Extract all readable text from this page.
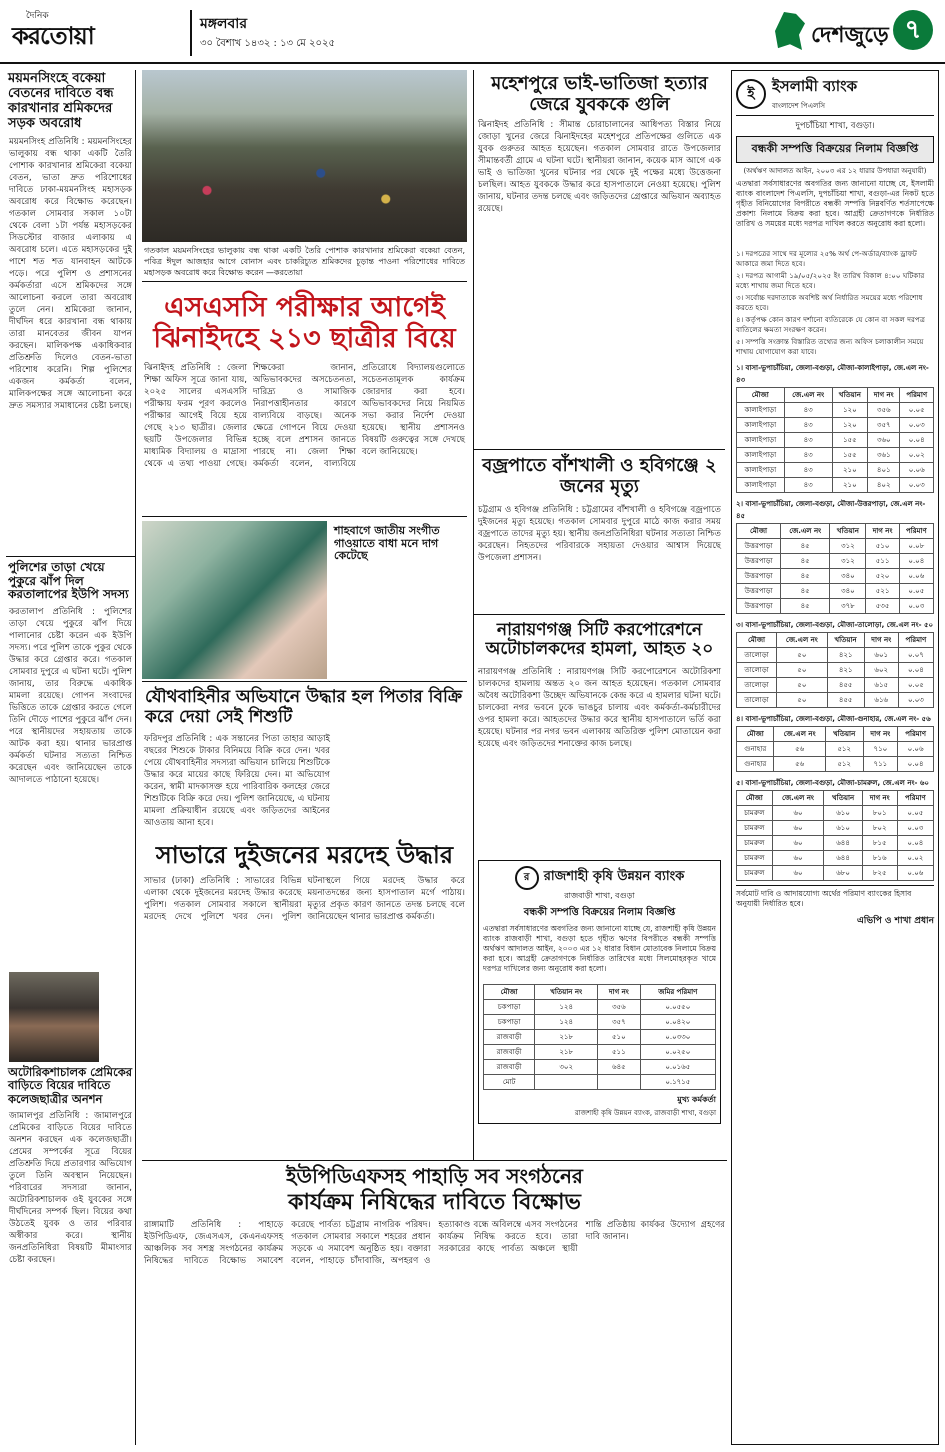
দৈনিক
করতোয়া	মঙ্গলবার
৩০ বৈশাখ ১৪৩২ : ১৩ মে ২০২৫	দেশজুড়ে ৭
ময়মনসিংহে বকেয়া বেতনের দাবিতে বন্ধ কারখানার শ্রমিকদের সড়ক অবরোধ
ময়মনসিংহ প্রতিনিধি : ময়মনসিংহের ভালুকায় বন্ধ থাকা একটি তৈরি পোশাক কারখানার শ্রমিকেরা বকেয়া বেতন, ভাতা দ্রুত পরিশোধের দাবিতে ঢাকা-ময়মনসিংহ মহাসড়ক অবরোধ করে বিক্ষোভ করেছেন। গতকাল সোমবার সকাল ১০টা থেকে বেলা ১টা পর্যন্ত মহাসড়কের সিডস্টোর বাজার এলাকায় এ অবরোধ চলে। এতে মহাসড়কের দুই পাশে শত শত যানবাহন আটকে পড়ে। পরে পুলিশ ও প্রশাসনের কর্মকর্তারা এসে শ্রমিকদের সঙ্গে আলোচনা করলে তারা অবরোধ তুলে নেন। শ্রমিকেরা জানান, দীর্ঘদিন ধরে কারখানা বন্ধ থাকায় তারা মানবেতর জীবন যাপন করছেন। মালিকপক্ষ একাধিকবার প্রতিশ্রুতি দিলেও বেতন-ভাতা পরিশোধ করেনি। শিল্প পুলিশের একজন কর্মকর্তা বলেন, মালিকপক্ষের সঙ্গে আলোচনা করে দ্রুত সমস্যার সমাধানের চেষ্টা চলছে।
পুলিশের তাড়া খেয়ে পুকুরে ঝাঁপ দিল করতালাপের ইউপি সদস্য
করতালাপ প্রতিনিধি : পুলিশের তাড়া খেয়ে পুকুরে ঝাঁপ দিয়ে পালানোর চেষ্টা করেন এক ইউপি সদস্য। পরে পুলিশ তাকে পুকুর থেকে উদ্ধার করে গ্রেপ্তার করে। গতকাল সোমবার দুপুরে এ ঘটনা ঘটে। পুলিশ জানায়, তার বিরুদ্ধে একাধিক মামলা রয়েছে। গোপন সংবাদের ভিত্তিতে তাকে গ্রেপ্তার করতে গেলে তিনি দৌড়ে পাশের পুকুরে ঝাঁপ দেন। পরে স্থানীয়দের সহায়তায় তাকে আটক করা হয়। থানার ভারপ্রাপ্ত কর্মকর্তা ঘটনার সত্যতা নিশ্চিত করেছেন এবং জানিয়েছেন তাকে আদালতে পাঠানো হয়েছে।
অটোরিকশাচালক প্রেমিকের বাড়িতে বিয়ের দাবিতে কলেজছাত্রীর অনশন
জামালপুর প্রতিনিধি : জামালপুরে প্রেমিকের বাড়িতে বিয়ের দাবিতে অনশন করছেন এক কলেজছাত্রী। প্রেমের সম্পর্কের সূত্রে বিয়ের প্রতিশ্রুতি দিয়ে প্রতারণার অভিযোগ তুলে তিনি অবস্থান নিয়েছেন। পরিবারের সদস্যরা জানান, অটোরিকশাচালক ওই যুবকের সঙ্গে দীর্ঘদিনের সম্পর্ক ছিল। বিয়ের কথা উঠতেই যুবক ও তার পরিবার অস্বীকার করে। স্থানীয় জনপ্রতিনিধিরা বিষয়টি মীমাংসার চেষ্টা করছেন।
গতকাল ময়মনসিংহের ভালুকায় বন্ধ থাকা একটি তৈরি পোশাক কারখানার শ্রমিকেরা বকেয়া বেতন, পবিত্র ঈদুল আজহার আগে বোনাস এবং চাকরিচ্যুত শ্রমিকদের চূড়ান্ত পাওনা পরিশোধের দাবিতে মহাসড়ক অবরোধ করে বিক্ষোভ করেন —করতোয়া
এসএসসি পরীক্ষার আগেই ঝিনাইদহে ২১৩ ছাত্রীর বিয়ে
ঝিনাইদহ প্রতিনিধি : জেলা শিক্ষা অফিস সূত্রে জানা যায়, ২০২৫ সালের এসএসসি পরীক্ষায় ফরম পূরণ করলেও পরীক্ষার আগেই বিয়ে হয়ে গেছে ২১৩ ছাত্রীর। জেলার ছয়টি উপজেলার বিভিন্ন মাধ্যমিক বিদ্যালয় ও মাদ্রাসা থেকে এ তথ্য পাওয়া গেছে। শিক্ষকেরা জানান, অভিভাবকদের অসচেতনতা, দারিদ্র্য ও সামাজিক নিরাপত্তাহীনতার কারণে বাল্যবিয়ে বাড়ছে। অনেক ক্ষেত্রে গোপনে বিয়ে দেওয়া হচ্ছে বলে প্রশাসন জানতে পারছে না। জেলা শিক্ষা কর্মকর্তা বলেন, বাল্যবিয়ে প্রতিরোধে বিদ্যালয়গুলোতে সচেতনতামূলক কার্যক্রম জোরদার করা হবে। অভিভাবকদের নিয়ে নিয়মিত সভা করার নির্দেশ দেওয়া হয়েছে। স্থানীয় প্রশাসনও বিষয়টি গুরুত্বের সঙ্গে দেখছে বলে জানিয়েছে।
শাহবাগে জাতীয় সংগীত গাওয়াতে বাধা মনে দাগ কেটেছে
যৌথবাহিনীর অভিযানে উদ্ধার হল পিতার বিক্রি করে দেয়া সেই শিশুটি
ফরিদপুর প্রতিনিধি : এক সন্তানের পিতা তাহার আড়াই বছরের শিশুকে টাকার বিনিময়ে বিক্রি করে দেন। খবর পেয়ে যৌথবাহিনীর সদস্যরা অভিযান চালিয়ে শিশুটিকে উদ্ধার করে মায়ের কাছে ফিরিয়ে দেন। মা অভিযোগ করেন, স্বামী মাদকাসক্ত হয়ে পারিবারিক কলহের জেরে শিশুটিকে বিক্রি করে দেয়। পুলিশ জানিয়েছে, এ ঘটনায় মামলা প্রক্রিয়াধীন রয়েছে এবং জড়িতদের আইনের আওতায় আনা হবে।
সাভারে দুইজনের মরদেহ উদ্ধার
সাভার (ঢাকা) প্রতিনিধি : সাভারের বিভিন্ন এলাকা থেকে দুইজনের মরদেহ উদ্ধার করেছে পুলিশ। গতকাল সোমবার সকালে স্থানীয়রা মরদেহ দেখে পুলিশে খবর দেন। পুলিশ ঘটনাস্থলে গিয়ে মরদেহ উদ্ধার করে ময়নাতদন্তের জন্য হাসপাতাল মর্গে পাঠায়। মৃত্যুর প্রকৃত কারণ জানতে তদন্ত চলছে বলে জানিয়েছেন থানার ভারপ্রাপ্ত কর্মকর্তা।
মহেশপুরে ভাই-ভাতিজা হত্যার জেরে যুবককে গুলি
ঝিনাইদহ প্রতিনিধি : সীমান্ত চোরাচালানের আধিপত্য বিস্তার নিয়ে জোড়া খুনের জেরে ঝিনাইদহের মহেশপুরে প্রতিপক্ষের গুলিতে এক যুবক গুরুতর আহত হয়েছেন। গতকাল সোমবার রাতে উপজেলার সীমান্তবর্তী গ্রামে এ ঘটনা ঘটে। স্থানীয়রা জানান, কয়েক মাস আগে এক ভাই ও ভাতিজা খুনের ঘটনার পর থেকে দুই পক্ষের মধ্যে উত্তেজনা চলছিল। আহত যুবককে উদ্ধার করে হাসপাতালে নেওয়া হয়েছে। পুলিশ জানায়, ঘটনার তদন্ত চলছে এবং জড়িতদের গ্রেপ্তারে অভিযান অব্যাহত রয়েছে।
বজ্রপাতে বাঁশখালী ও হবিগঞ্জে ২ জনের মৃত্যু
চট্টগ্রাম ও হবিগঞ্জ প্রতিনিধি : চট্টগ্রামের বাঁশখালী ও হবিগঞ্জে বজ্রপাতে দুইজনের মৃত্যু হয়েছে। গতকাল সোমবার দুপুরে মাঠে কাজ করার সময় বজ্রপাতে তাদের মৃত্যু হয়। স্থানীয় জনপ্রতিনিধিরা ঘটনার সত্যতা নিশ্চিত করেছেন। নিহতদের পরিবারকে সহায়তা দেওয়ার আশ্বাস দিয়েছে উপজেলা প্রশাসন।
নারায়ণগঞ্জ সিটি করপোরেশনে অটোচালকদের হামলা, আহত ২০
নারায়ণগঞ্জ প্রতিনিধি : নারায়ণগঞ্জ সিটি করপোরেশনে অটোরিকশা চালকদের হামলায় অন্তত ২০ জন আহত হয়েছেন। গতকাল সোমবার অবৈধ অটোরিকশা উচ্ছেদ অভিযানকে কেন্দ্র করে এ হামলার ঘটনা ঘটে। চালকেরা নগর ভবনে ঢুকে ভাঙচুর চালায় এবং কর্মকর্তা-কর্মচারীদের ওপর হামলা করে। আহতদের উদ্ধার করে স্থানীয় হাসপাতালে ভর্তি করা হয়েছে। ঘটনার পর নগর ভবন এলাকায় অতিরিক্ত পুলিশ মোতায়েন করা হয়েছে এবং জড়িতদের শনাক্তের কাজ চলছে।
র রাজশাহী কৃষি উন্নয়ন ব্যাংক
রাজবাড়ী শাখা, বগুড়া
বন্ধকী সম্পত্তি বিক্রয়ের নিলাম বিজ্ঞপ্তি
এতদ্বারা সর্বসাধারণের অবগতির জন্য জানানো যাচ্ছে যে, রাজশাহী কৃষি উন্নয়ন ব্যাংক রাজবাড়ী শাখা, বগুড়া হতে গৃহীত ঋণের বিপরীতে বন্ধকী সম্পত্তি অর্থঋণ আদালত আইন, ২০০৩ এর ১২ ধারার বিধান মোতাবেক নিলামে বিক্রয় করা হবে। আগ্রহী ক্রেতাগণকে নির্ধারিত তারিখের মধ্যে সিলমোহরকৃত খামে দরপত্র দাখিলের জন্য অনুরোধ করা হলো।
মৌজা	খতিয়ান নং	দাগ নং	জমির পরিমাণ
চকপাড়া	১২৪	৩৫৬	০.০৫৫০
চকপাড়া	১২৪	৩৫৭	০.০৪২০
রাজবাড়ী	২১৮	৫১০	০.০৩৩০
রাজবাড়ী	২১৮	৫১১	০.০২৫০
রাজবাড়ী	৩০২	৬৪৫	০.০১৬৫
মোট			০.১৭১৫
মুখ্য কর্মকর্তা
রাজশাহী কৃষি উন্নয়ন ব্যাংক, রাজবাড়ী শাখা, বগুড়া
ইউপিডিএফসহ পাহাড়ি সব সংগঠনের
কার্যক্রম নিষিদ্ধের দাবিতে বিক্ষোভ
রাঙ্গামাটি প্রতিনিধি : পাহাড়ে ইউপিডিএফ, জেএসএস, কেএনএফসহ আঞ্চলিক সব সশস্ত্র সংগঠনের কার্যক্রম নিষিদ্ধের দাবিতে বিক্ষোভ সমাবেশ করেছে পার্বত্য চট্টগ্রাম নাগরিক পরিষদ। গতকাল সোমবার সকালে শহরের প্রধান সড়কে এ সমাবেশ অনুষ্ঠিত হয়। বক্তারা বলেন, পাহাড়ে চাঁদাবাজি, অপহরণ ও হত্যাকাণ্ড বন্ধে অবিলম্বে এসব সংগঠনের কার্যক্রম নিষিদ্ধ করতে হবে। তারা সরকারের কাছে পার্বত্য অঞ্চলে স্থায়ী শান্তি প্রতিষ্ঠায় কার্যকর উদ্যোগ গ্রহণের দাবি জানান।
ই	ইসলামী ব্যাংক
বাংলাদেশ পিএলসি
দুপচাঁচিয়া শাখা, বগুড়া।
বন্ধকী সম্পত্তি বিক্রয়ের নিলাম বিজ্ঞপ্তি
(অর্থঋণ আদালত আইন, ২০০৩ এর ১২ ধারার উপধারা অনুযায়ী)
এতদ্বারা সর্বসাধারণের অবগতির জন্য জানানো যাচ্ছে যে, ইসলামী ব্যাংক বাংলাদেশ পিএলসি, দুপচাঁচিয়া শাখা, বগুড়া-এর নিকট হতে গৃহীত বিনিয়োগের বিপরীতে বন্ধকী সম্পত্তি নিম্নবর্ণিত শর্তসাপেক্ষে প্রকাশ্য নিলামে বিক্রয় করা হবে। আগ্রহী ক্রেতাগণকে নির্ধারিত তারিখ ও সময়ের মধ্যে দরপত্র দাখিল করতে অনুরোধ করা হলো।
১। দরপত্রের সাথে দর মূল্যের ২৫% অর্থ পে-অর্ডার/ব্যাংক ড্রাফট আকারে জমা দিতে হবে।
২। দরপত্র আগামী ১৯/০৫/২০২৫ ইং তারিখ বিকাল ৪:০০ ঘটিকার মধ্যে শাখায় জমা দিতে হবে।
৩। সর্বোচ্চ দরদাতাকে অবশিষ্ট অর্থ নির্ধারিত সময়ের মধ্যে পরিশোধ করতে হবে।
৪। কর্তৃপক্ষ কোন কারণ দর্শানো ব্যতিরেকে যে কোন বা সকল দরপত্র বাতিলের ক্ষমতা সংরক্ষণ করেন।
৫। সম্পত্তি সংক্রান্ত বিস্তারিত তথ্যের জন্য অফিস চলাকালীন সময়ে শাখায় যোগাযোগ করা যাবে।
১। বাসা-ভুপাচাঁচিয়া, জেলা-বগুড়া, মৌজা-কালাইপাড়া, জে.এল নং- ৪৩
মৌজা	জে.এল নং	খতিয়ান	দাগ নং	পরিমাণ
কালাইপাড়া	৪৩	১২০	৩৫৬	০.০৫
কালাইপাড়া	৪৩	১২০	৩৫৭	০.০৩
কালাইপাড়া	৪৩	১৫৫	৩৬০	০.০৪
কালাইপাড়া	৪৩	১৫৫	৩৬১	০.০২
কালাইপাড়া	৪৩	২১০	৪০১	০.০৬
কালাইপাড়া	৪৩	২১০	৪০২	০.০৩
২। বাসা-ভুপাচাঁচিয়া, জেলা-বগুড়া, মৌজা-উত্তরপাড়া, জে.এল নং- ৪৫
মৌজা	জে.এল নং	খতিয়ান	দাগ নং	পরিমাণ
উত্তরপাড়া	৪৫	৩১২	৫১০	০.০৮
উত্তরপাড়া	৪৫	৩১২	৫১১	০.০৪
উত্তরপাড়া	৪৫	৩৪০	৫২০	০.০৬
উত্তরপাড়া	৪৫	৩৪০	৫২১	০.০৫
উত্তরপাড়া	৪৫	৩৭৮	৫৩৫	০.০৩
৩। বাসা-ভুপাচাঁচিয়া, জেলা-বগুড়া, মৌজা-তালোড়া, জে.এল নং- ৫০
মৌজা	জে.এল নং	খতিয়ান	দাগ নং	পরিমাণ
তালোড়া	৫০	৪২১	৬০১	০.০৭
তালোড়া	৫০	৪২১	৬০২	০.০৪
তালোড়া	৫০	৪৫৫	৬১৫	০.০৫
তালোড়া	৫০	৪৫৫	৬১৬	০.০৩
৪। বাসা-ভুপাচাঁচিয়া, জেলা-বগুড়া, মৌজা-গুনাহার, জে.এল নং- ৫৬
মৌজা	জে.এল নং	খতিয়ান	দাগ নং	পরিমাণ
গুনাহার	৫৬	৫১২	৭১০	০.০৬
গুনাহার	৫৬	৫১২	৭১১	০.০৪
৫। বাসা-ভুপাচাঁচিয়া, জেলা-বগুড়া, মৌজা-চামরুল, জে.এল নং- ৬০
মৌজা	জে.এল নং	খতিয়ান	দাগ নং	পরিমাণ
চামরুল	৬০	৬১০	৮০১	০.০৫
চামরুল	৬০	৬১০	৮০২	০.০৩
চামরুল	৬০	৬৪৪	৮১৫	০.০৪
চামরুল	৬০	৬৪৪	৮১৬	০.০২
চামরুল	৬০	৬৮০	৮২৫	০.০৬
সর্বমোট দাবি ও আদায়যোগ্য অর্থের পরিমাণ ব্যাংকের হিসাব অনুযায়ী নির্ধারিত হবে।
এভিপি ও শাখা প্রধান
